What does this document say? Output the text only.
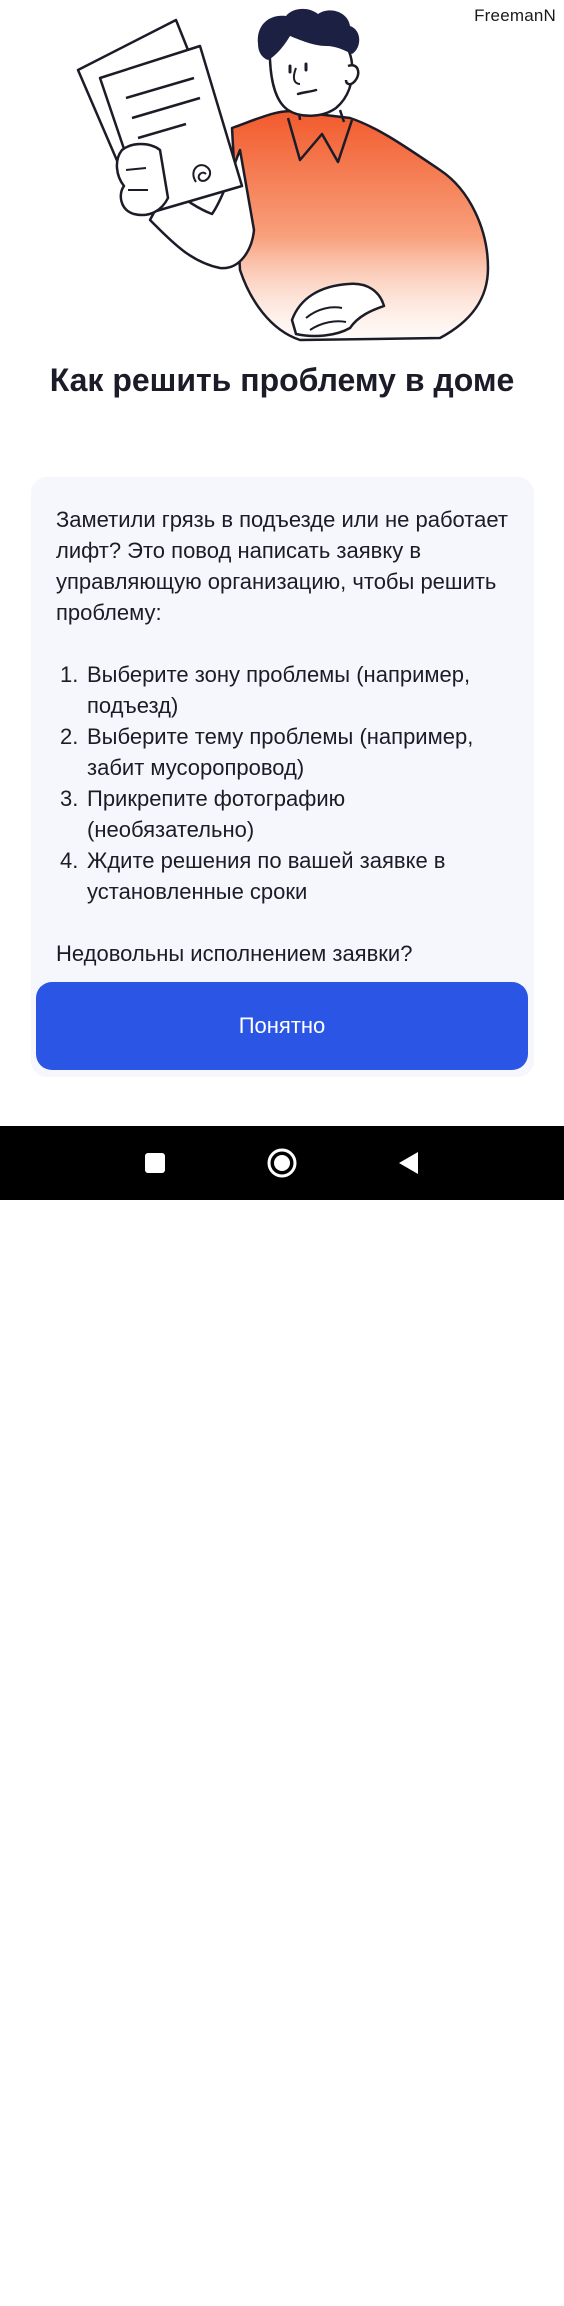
FreemanN
Как решить проблему в доме

Заметили грязь в подъезде или не работает лифт? Это повод написать заявку в управляющую организацию, чтобы решить проблему:

1. Выберите зону проблемы (например, подъезд)
2. Выберите тему проблемы (например, забит мусоропровод)
3. Прикрепите фотографию (необязательно)
4. Ждите решения по вашей заявке в установленные сроки

Недовольны исполнением заявки?

Понятно
RECOMMEND.RU
